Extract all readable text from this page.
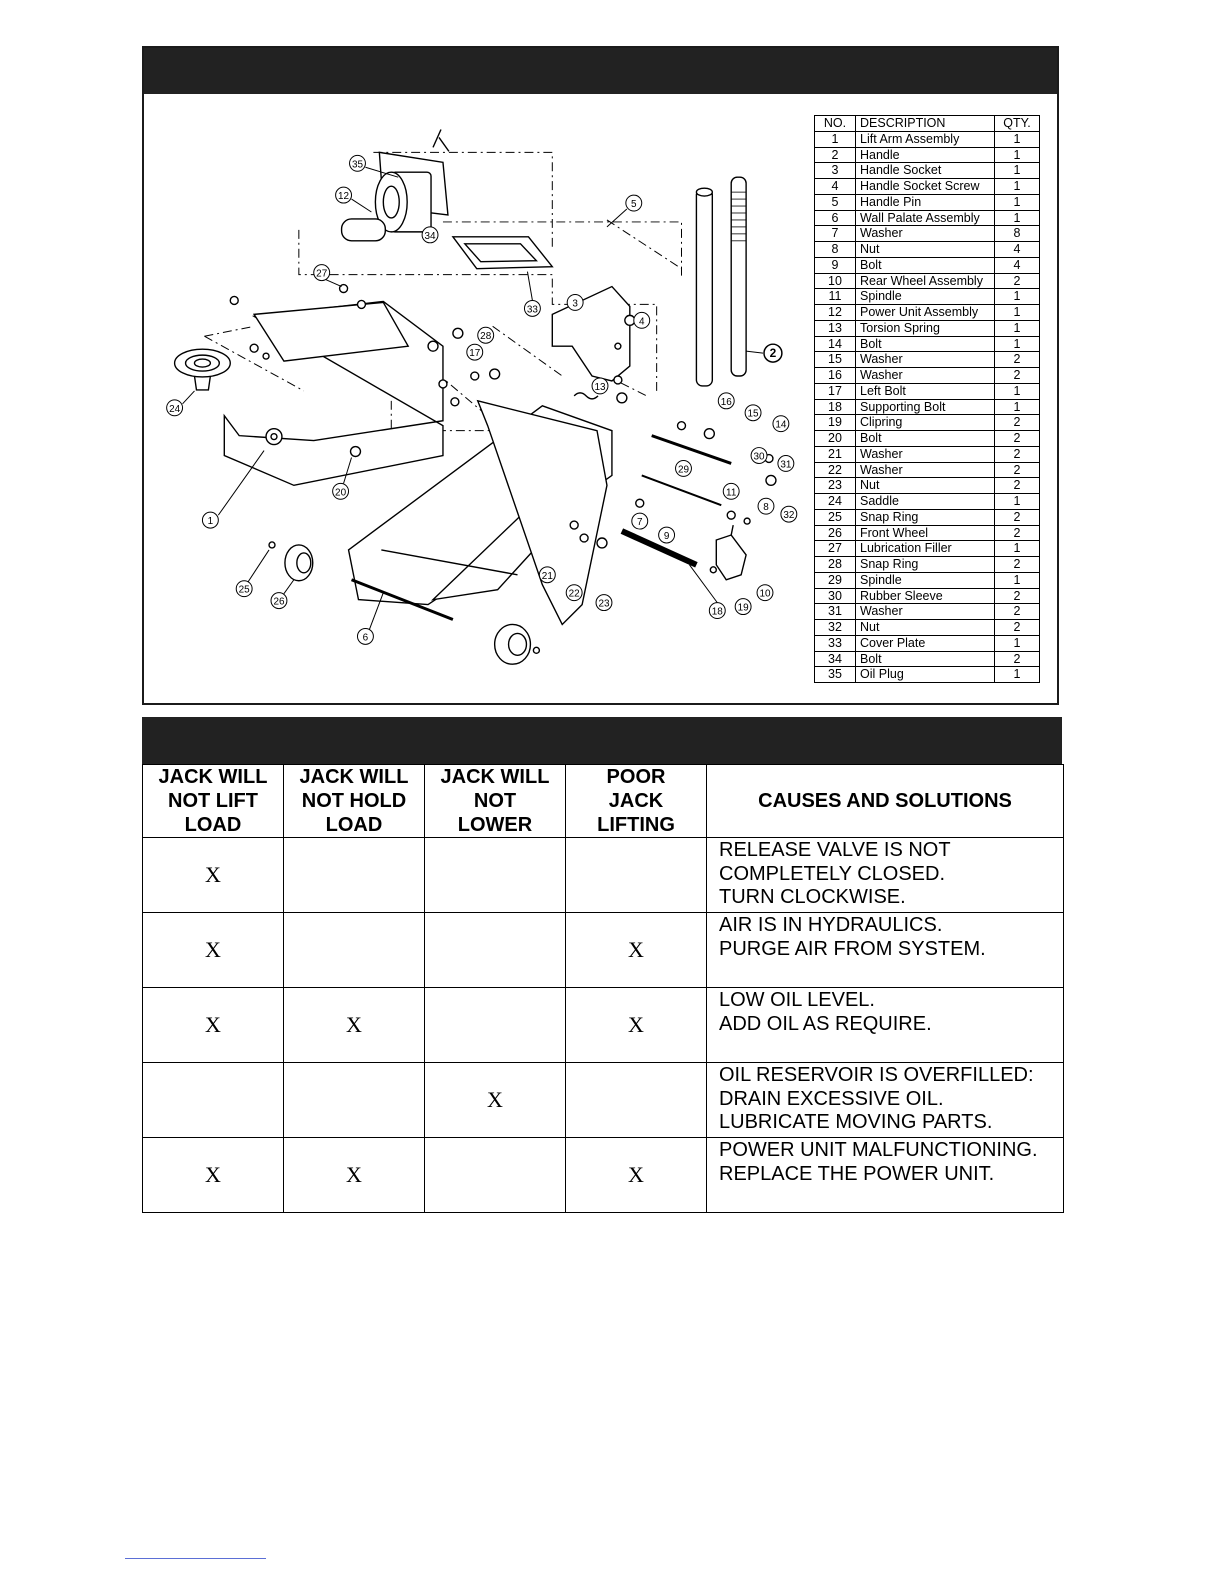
1
2
3
4
5
6
7
8
9
10
11
12
13
14
15
16
17
18 19
20
21
22
23
24
25
26
27
28
29
30
31
32
33
34
35
NO.	DESCRIPTION	QTY.
1	Lift Arm Assembly	1
2	Handle	1
3	Handle Socket	1
4	Handle Socket Screw	1
5	Handle Pin	1
6	Wall Palate Assembly	1
7	Washer	8
8	Nut	4
9	Bolt	4
10	Rear Wheel Assembly	2
11	Spindle	1
12	Power Unit Assembly	1
13	Torsion Spring	1
14	Bolt	1
15	Washer	2
16	Washer	2
17	Left Bolt	1
18	Supporting Bolt	1
19	Clipring	2
20	Bolt	2
21	Washer	2
22	Washer	2
23	Nut	2
24	Saddle	1
25	Snap Ring	2
26	Front Wheel	2
27	Lubrication Filler	1
28	Snap Ring	2
29	Spindle	1
30	Rubber Sleeve	2
31	Washer	2
32	Nut	2
33	Cover Plate	1
34	Bolt	2
35	Oil Plug	1
JACK WILL
NOT LIFT
LOAD	JACK WILL
NOT HOLD
LOAD	JACK WILL
NOT
LOWER	POOR
JACK
LIFTING	CAUSES AND SOLUTIONS
X				RELEASE VALVE IS NOT
COMPLETELY CLOSED.
TURN CLOCKWISE.
X			X	AIR IS IN HYDRAULICS.
PURGE AIR FROM SYSTEM.
X	X		X	LOW OIL LEVEL.
ADD OIL AS REQUIRE.
		X		OIL RESERVOIR IS OVERFILLED:
DRAIN EXCESSIVE OIL.
LUBRICATE MOVING PARTS.
X	X		X	POWER UNIT MALFUNCTIONING.
REPLACE THE POWER UNIT.
